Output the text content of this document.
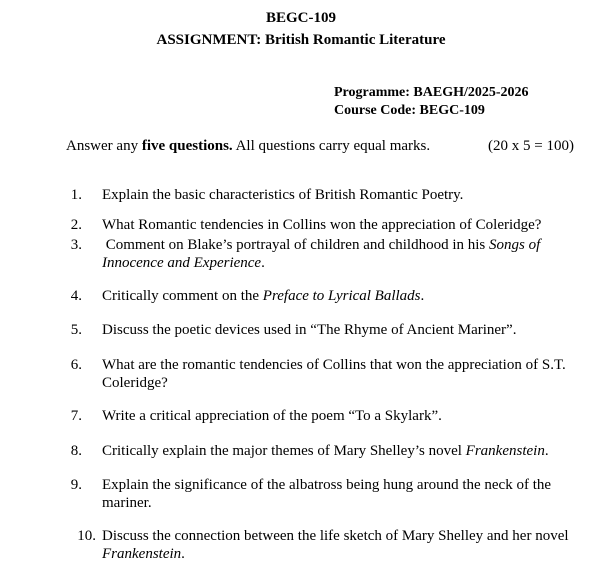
BEGC-109
ASSIGNMENT: British Romantic Literature
Programme: BAEGH/2025-2026
Course Code: BEGC-109
Answer any five questions. All questions carry equal marks.	(20 x 5 = 100)
1. Explain the basic characteristics of British Romantic Poetry.
2. What Romantic tendencies in Collins won the appreciation of Coleridge?
3. Comment on Blake’s portrayal of children and childhood in his Songs of Innocence and Experience.
4. Critically comment on the Preface to Lyrical Ballads.
5. Discuss the poetic devices used in “The Rhyme of Ancient Mariner”.
6. What are the romantic tendencies of Collins that won the appreciation of S.T. Coleridge?
7. Write a critical appreciation of the poem “To a Skylark”.
8. Critically explain the major themes of Mary Shelley’s novel Frankenstein.
9. Explain the significance of the albatross being hung around the neck of the mariner.
10. Discuss the connection between the life sketch of Mary Shelley and her novel Frankenstein.
